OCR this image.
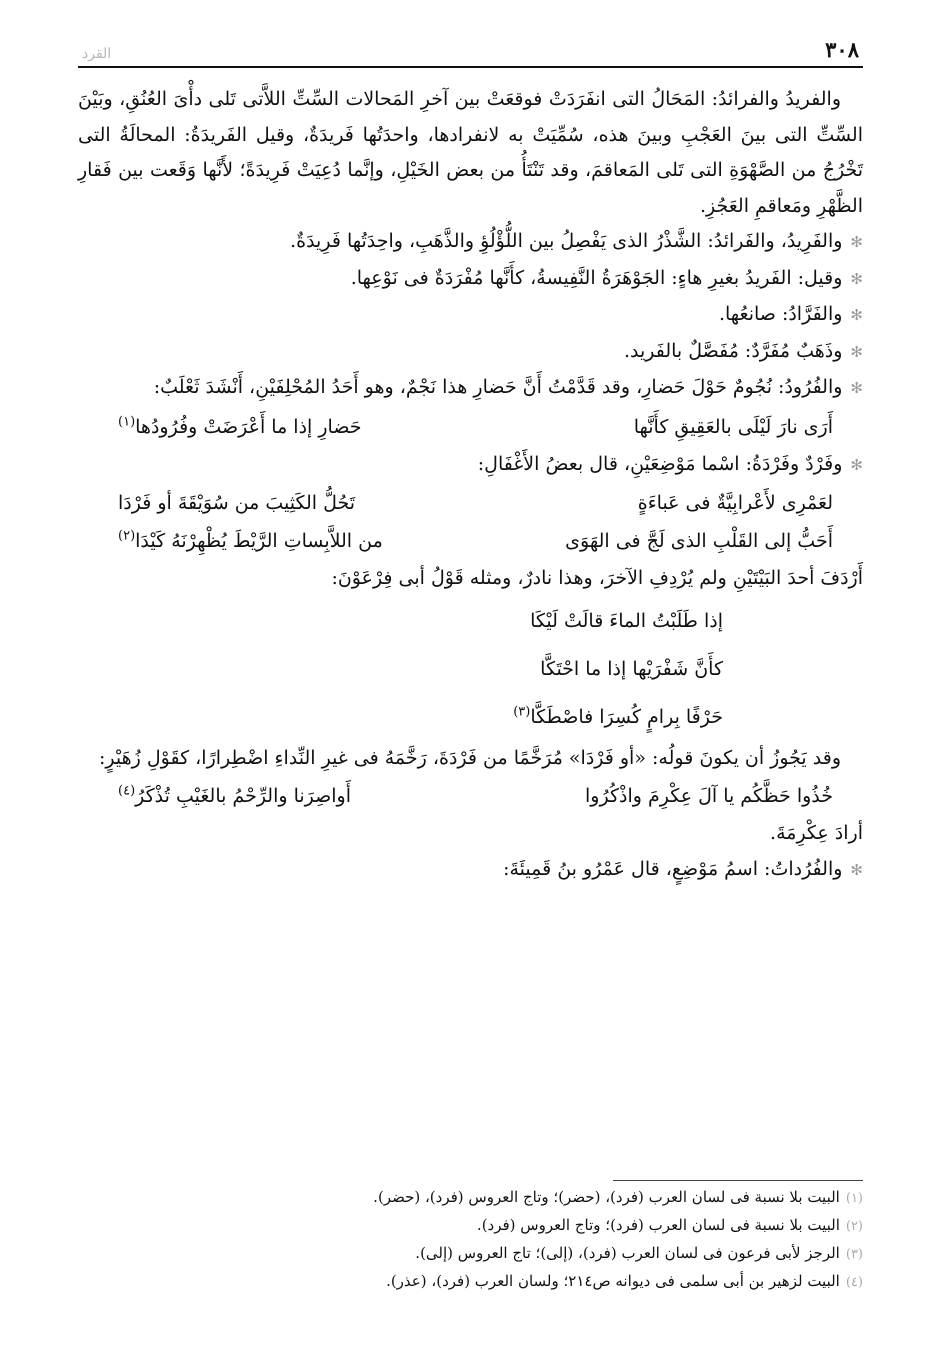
٣٠٨
القرد

والفريدُ والفرائدُ: المَحَالُ التى انفَرَدَتْ فوقعَتْ بين آخرِ المَحالات السِّتِّ اللاَّتى تَلى دأْىَ العُنُقِ، وبَيْنَ السِّتِّ التى بينَ العَجْبِ وبينَ هذه، سُمِّيَتْ به لانفرادها، واحدَتُها فَريدَةٌ، وقيل الفَريدَةُ: المحالَةُ التى تَخْرُجُ من الصَّهْوَةِ التى تَلى المَعاقمَ، وقد تَنْتَأُ من بعض الخَيْلِ، وإنَّما دُعِيَتْ فَرِيدَةً؛ لأَنَّها وَقَعت بين فَقارِ الظَّهْرِ ومَعاقمِ العَجُزِ.

✻والفَرِيدُ، والفَرائدُ: الشَّذْرُ الذى يَفْصِلُ بين اللُّؤْلُؤِ والذَّهَبِ، واحِدَتُها فَرِيدَةٌ.

✻وقيل: الفَريدُ بغيرِ هاءٍ: الجَوْهَرَةُ النَّفِيسةُ، كأَنَّها مُفْرَدَةٌ فى نَوْعِها.

✻والفَرَّادُ: صانعُها.

✻وذَهَبٌ مُفَرَّدٌ: مُفَصَّلٌ بالفَريد.

✻والفُرُودُ: نُجُومٌ حَوْلَ حَضارِ، وقد قَدَّمْتُ أَنَّ حَضارِ هذا نَجْمٌ، وهو أَحَدُ المُحْلِفَيْنِ، أَنْشَدَ ثَعْلَبٌ:

أَرَى نارَ لَيْلَى بالعَقِيقِ كأَنَّها
حَضارِ إذا ما أَعْرَضَتْ وفُرُودُها$^{(١)}$

✻وفَرْدٌ وفَرْدَةُ: اسْما مَوْضِعَيْنِ، قال بعضُ الأَغْفَالِ:

لعَمْرِى لأَعْرابِيَّةٌ فى عَباءَةٍ
تَحُلُّ الكَثِيبَ من سُوَيْقَةَ أو فَرْدَا
أَحَبُّ إلى القَلْبِ الذى لَجَّ فى الهَوَى
من اللاَّبِساتِ الرَّيْطَ يُظْهِرْنَهُ كَيْدَا$^{(٢)}$

أَرْدَفَ أحدَ البَيْتَيْنِ ولم يُرْدِفِ الآخرَ، وهذا نادرٌ، ومثله قَوْلُ أبى فِرْعَوْنَ:

إذا طَلَبْتُ الماءَ قالَتْ لَيْكَا
كأَنَّ شَفْرَيْها إذا ما احْتَكَّا
حَرْفًا بِرامٍ كُسِرَا فاصْطَكَّا$^{(٣)}$

وقد يَجُوزُ أن يكونَ قولُه: «أو فَرْدَا» مُرَخَّمًا من فَرْدَةَ، رَخَّمَهُ فى غيرِ النِّداءِ اضْطِرارًا، كقَوْلِ زُهَيْرٍ:

خُذُوا حَظَّكُم يا آلَ عِكْرِمَ واذْكُرُوا
أَواصِرَنا والرِّحْمُ بالغَيْبِ تُذْكَرُ$^{(٤)}$

أرادَ عِكْرِمَةَ.

✻والفُرُداتُ: اسمُ مَوْضِعٍ، قال عَمْرُو بنُ قَمِيئَةَ:

(١)البيت بلا نسبة فى لسان العرب (فرد)، (حضر)؛ وتاج العروس (فرد)، (حضر).

(٢)البيت بلا نسبة فى لسان العرب (فرد)؛ وتاج العروس (فرد).

(٣)الرجز لأبى فرعون فى لسان العرب (فرد)، (إلى)؛ تاج العروس (إلى).

(٤)البيت لزهير بن أبى سلمى فى ديوانه ص٢١٤؛ ولسان العرب (فرد)، (عذر).
